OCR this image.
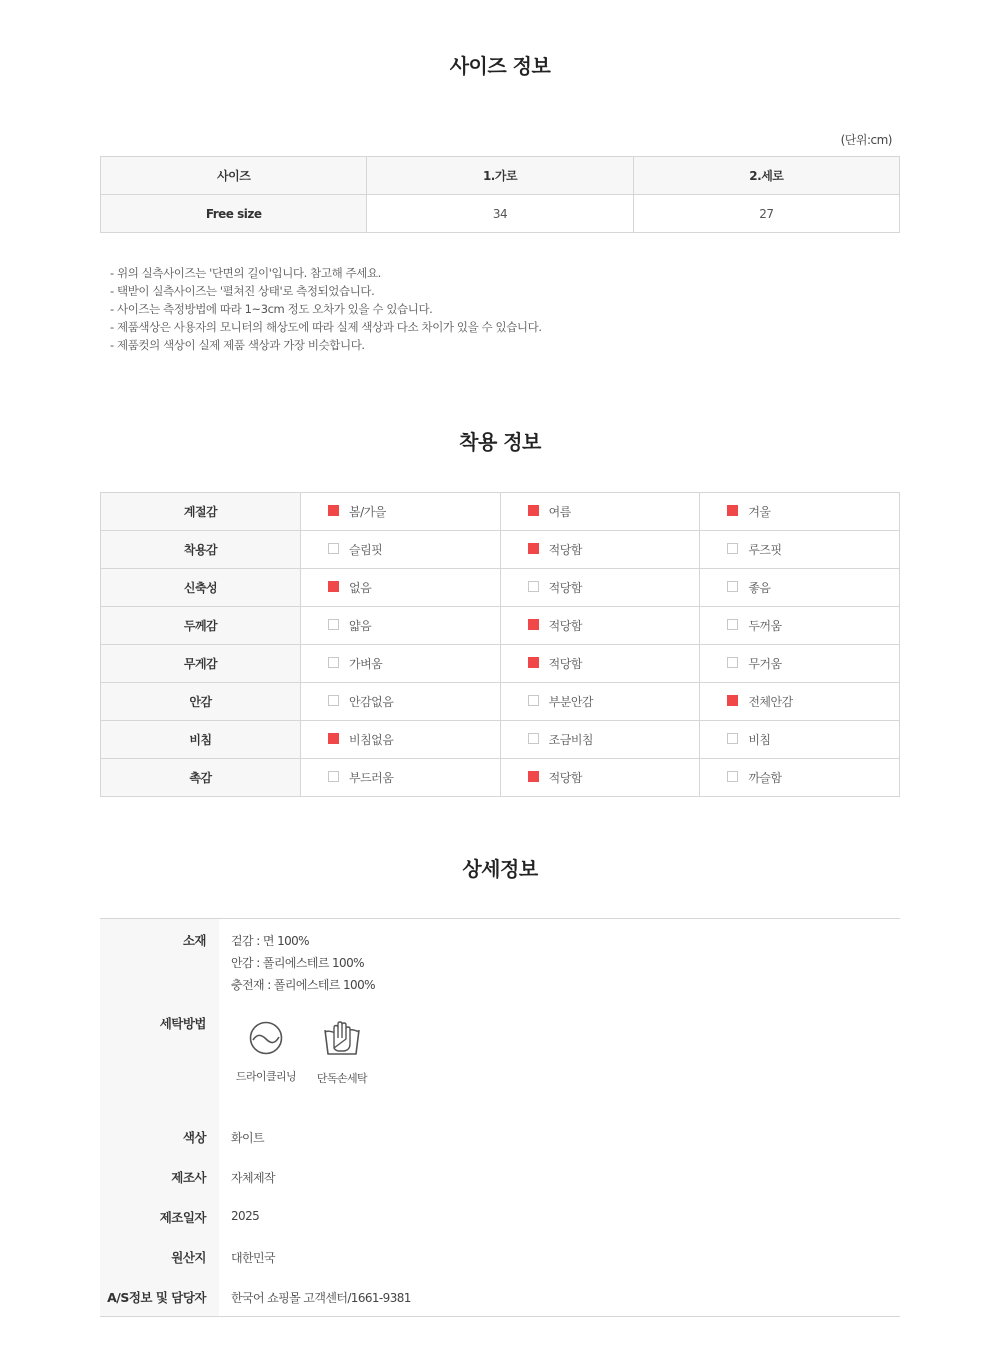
사이즈 정보
(단위:cm)
사이즈	1.가로	2.세로
Free size	34	27
- 위의 실측사이즈는 '단면의 길이'입니다. 참고해 주세요.
- 택받이 실측사이즈는 '펼쳐진 상태'로 측정되었습니다.
- 사이즈는 측정방법에 따라 1~3cm 정도 오차가 있을 수 있습니다.
- 제품색상은 사용자의 모니터의 해상도에 따라 실제 색상과 다소 차이가 있을 수 있습니다.
- 제품컷의 색상이 실제 제품 색상과 가장 비슷합니다.
착용 정보
계절감	봄/가을	여름	겨울
착용감	슬림핏	적당함	루즈핏
신축성	없음	적당함	좋음
두께감	얇음	적당함	두꺼움
무게감	가벼움	적당함	무거움
안감	안감없음	부분안감	전체안감
비침	비침없음	조금비침	비침
촉감	부드러움	적당함	까슬함
상세정보
소재 겉감 : 면 100%
안감 : 폴리에스테르 100%
충전재 : 폴리에스테르 100%
세탁방법
드라이클리닝	단독손세탁
색상 화이트
제조사 자체제작
제조일자 2025
원산지 대한민국
A/S정보 및 담당자 한국어 쇼핑몰 고객센터/1661-9381
